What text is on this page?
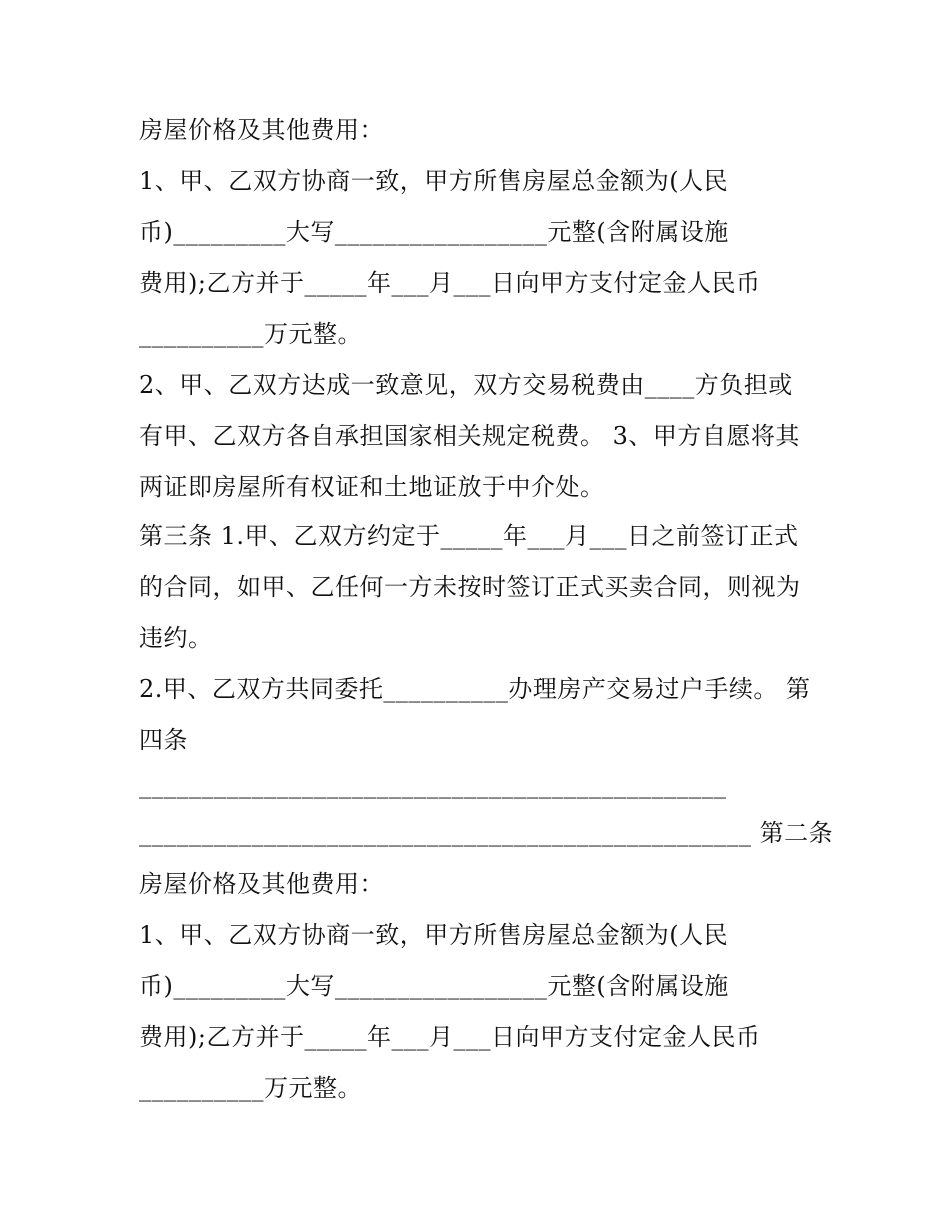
房屋价格及其他费用：
1、甲、乙双方协商一致，甲方所售房屋总金额为(人民
币)_________大写_________________元整(含附属设施
费用);乙方并于_____年___月___日向甲方支付定金人民币
__________万元整。
2、甲、乙双方达成一致意见，双方交易税费由____方负担或
有甲、乙双方各自承担国家相关规定税费。 3、甲方自愿将其
两证即房屋所有权证和土地证放于中介处。
第三条 1.甲、乙双方约定于_____年___月___日之前签订正式
的合同，如甲、乙任何一方未按时签订正式买卖合同，则视为
违约。
2.甲、乙双方共同委托__________办理房产交易过户手续。 第
四条
_______________________________________________
_________________________________________________ 第二条
房屋价格及其他费用：
1、甲、乙双方协商一致，甲方所售房屋总金额为(人民
币)_________大写_________________元整(含附属设施
费用);乙方并于_____年___月___日向甲方支付定金人民币
__________万元整。
